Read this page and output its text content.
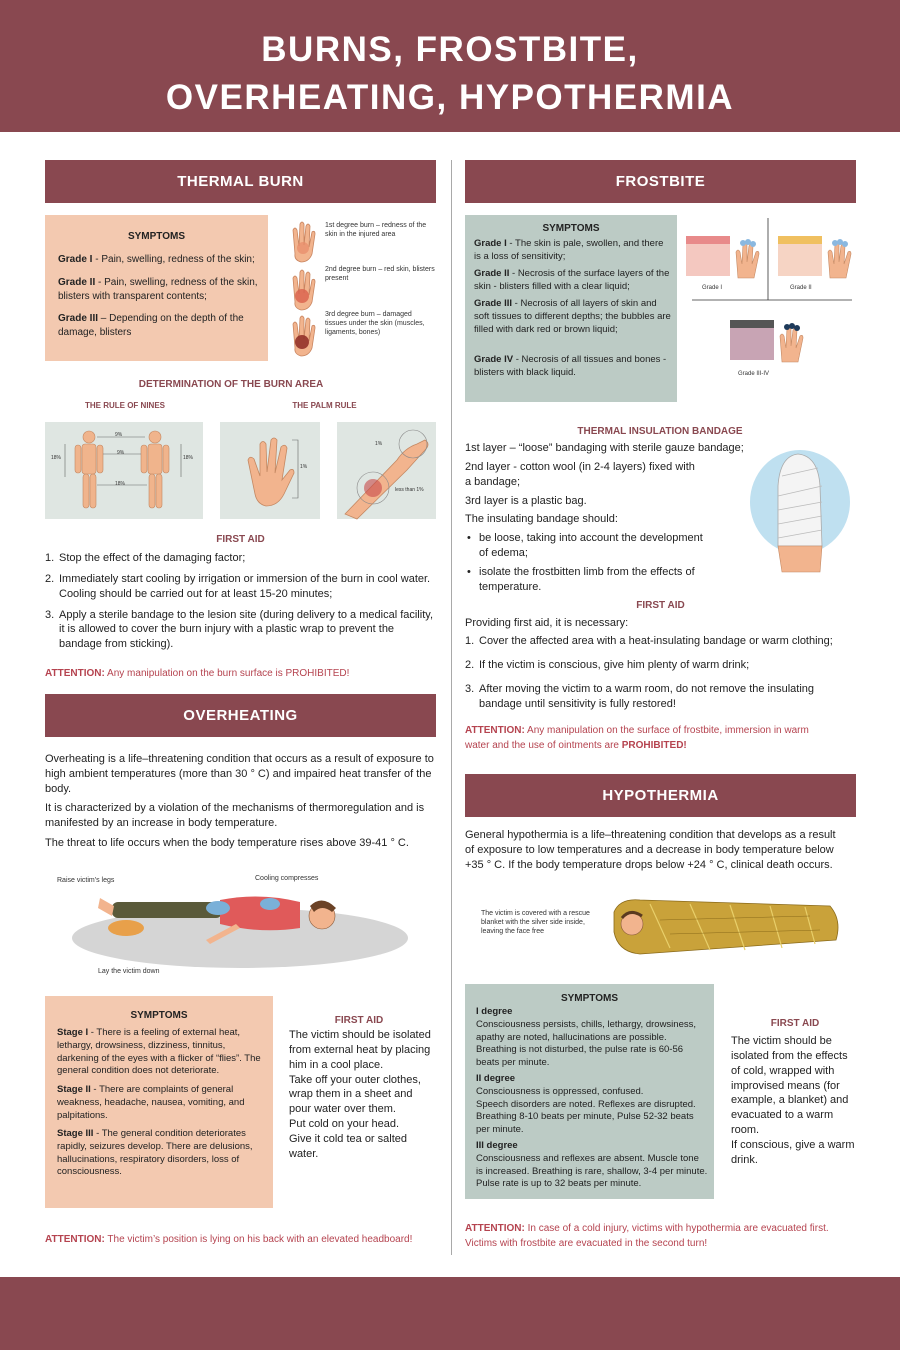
BURNS, FROSTBITE,
OVERHEATING, HYPOTHERMIA
THERMAL BURN
SYMPTOMS
Grade I - Pain, swelling, redness of the skin;
Grade II - Pain, swelling, redness of the skin, blisters with transparent contents;
Grade III – Depending on the depth of the damage, blisters
1st degree burn – redness of the skin in the injured area
2nd degree burn – red skin, blisters present
3rd degree burn – damaged tissues under the skin (muscles, ligaments, bones)
DETERMINATION OF THE BURN AREA
THE RULE OF NINES	THE PALM RULE
9%
18%
9%
18%
18%
1%
1%
less than 1%
FIRST AID
1. Stop the effect of the damaging factor;
2. Immediately start cooling by irrigation or immersion of the burn in cool water. Cooling should be carried out for at least 15-20 minutes;
3. Apply a sterile bandage to the lesion site (during delivery to a medical facility, it is allowed to cover the burn injury with a plastic wrap to prevent the bandage from sticking).
ATTENTION: Any manipulation on the burn surface is PROHIBITED!
OVERHEATING
Overheating is a life–threatening condition that occurs as a result of exposure to high ambient temperatures (more than 30 ° C) and impaired heat transfer of the body.
It is characterized by a violation of the mechanisms of thermoregulation and is manifested by an increase in body temperature.
The threat to life occurs when the body temperature rises above 39-41 ° C.
Raise victim's legs	Cooling compresses
Lay the victim down
SYMPTOMS
Stage I - There is a feeling of external heat, lethargy, drowsiness, dizziness, tinnitus, darkening of the eyes with a flicker of “flies”. The general condition does not deteriorate.
Stage II - There are complaints of general weakness, headache, nausea, vomiting, and palpitations.
Stage III - The general condition deteriorates rapidly, seizures develop. There are delusions, hallucinations, respiratory disorders, loss of consciousness.
FIRST AID
The victim should be isolated from external heat by placing him in a cool place.
Take off your outer clothes, wrap them in a sheet and pour water over them.
Put cold on your head.
Give it cold tea or salted water.
ATTENTION: The victim’s position is lying on his back with an elevated headboard!
FROSTBITE
SYMPTOMS
Grade I - The skin is pale, swollen, and there is a loss of sensitivity;
Grade II - Necrosis of the surface layers of the skin - blisters filled with a clear liquid;
Grade III - Necrosis of all layers of skin and soft tissues to different depths; the bubbles are filled with dark red or brown liquid;
Grade IV - Necrosis of all tissues and bones - blisters with black liquid.
Grade I	Grade II
Grade III-IV
THERMAL INSULATION BANDAGE
1st layer – “loose” bandaging with sterile gauze bandage;
2nd layer - cotton wool (in 2-4 layers) fixed with a bandage;
3rd layer is a plastic bag.
The insulating bandage should:
• be loose, taking into account the development of edema;
• isolate the frostbitten limb from the effects of temperature.
FIRST AID
Providing first aid, it is necessary:
1. Cover the affected area with a heat-insulating bandage or warm clothing;
2. If the victim is conscious, give him plenty of warm drink;
3. After moving the victim to a warm room, do not remove the insulating bandage until sensitivity is fully restored!
ATTENTION: Any manipulation on the surface of frostbite, immersion in warm water and the use of ointments are PROHIBITED!
HYPOTHERMIA
General hypothermia is a life–threatening condition that develops as a result of exposure to low temperatures and a decrease in body temperature below +35 ° C. If the body temperature drops below +24 ° C, clinical death occurs.
The victim is covered with a rescue blanket with the silver side inside, leaving the face free
SYMPTOMS
I degree
Consciousness persists, chills, lethargy, drowsiness, apathy are noted, hallucinations are possible. Breathing is not disturbed, the pulse rate is 60-56 beats per minute.
II degree
Consciousness is oppressed, confused.
Speech disorders are noted. Reflexes are disrupted. Breathing 8-10 beats per minute, Pulse 52-32 beats per minute.
III degree
Consciousness and reflexes are absent. Muscle tone is increased. Breathing is rare, shallow, 3-4 per minute. Pulse rate is up to 32 beats per minute.
FIRST AID
The victim should be isolated from the effects of cold, wrapped with improvised means (for example, a blanket) and evacuated to a warm room.
If conscious, give a warm drink.
ATTENTION: In case of a cold injury, victims with hypothermia are evacuated first. Victims with frostbite are evacuated in the second turn!
